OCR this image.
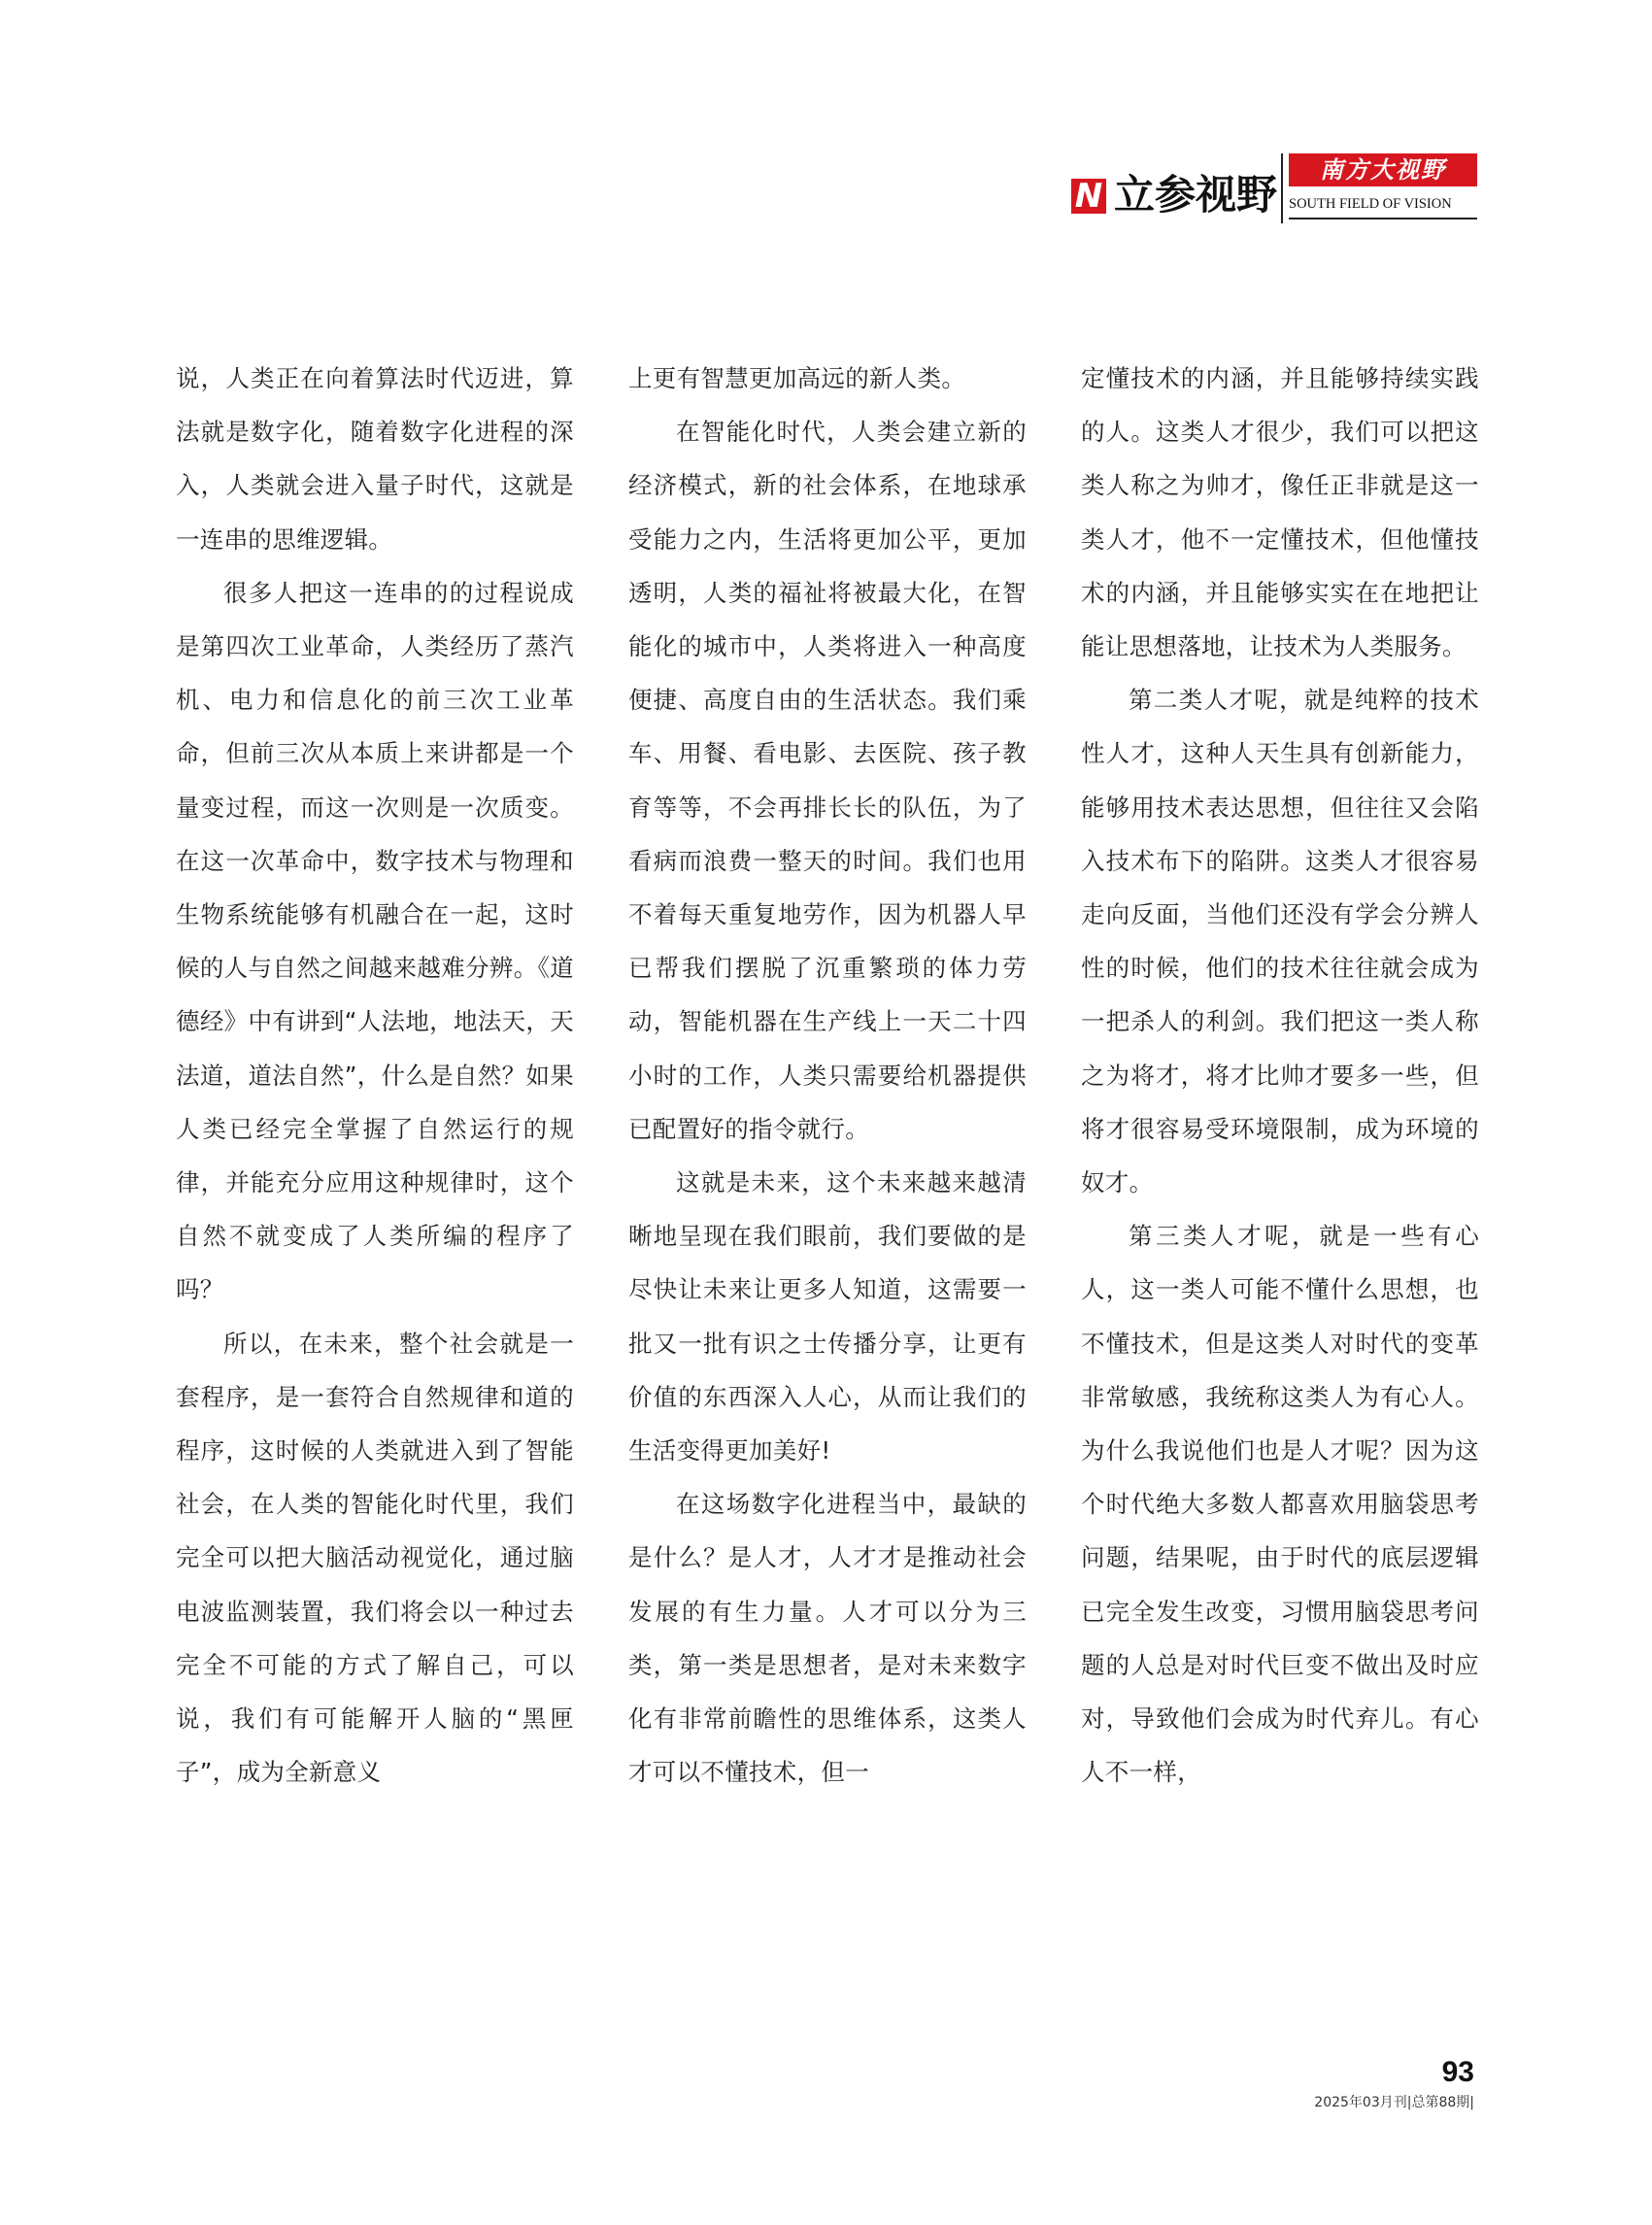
N 立参视野
南方大视野
SOUTH FIELD OF VISION

说，人类正在向着算法时代迈进，算法就是数字化，随着数字化进程的深入，人类就会进入量子时代，这就是一连串的思维逻辑。

很多人把这一连串的的过程说成是第四次工业革命，人类经历了蒸汽机、电力和信息化的前三次工业革命，但前三次从本质上来讲都是一个量变过程，而这一次则是一次质变。在这一次革命中，数字技术与物理和生物系统能够有机融合在一起，这时候的人与自然之间越来越难分辨。《道德经》中有讲到“人法地，地法天，天法道，道法自然”，什么是自然？如果人类已经完全掌握了自然运行的规律，并能充分应用这种规律时，这个自然不就变成了人类所编的程序了吗？

所以，在未来，整个社会就是一套程序，是一套符合自然规律和道的程序，这时候的人类就进入到了智能社会，在人类的智能化时代里，我们完全可以把大脑活动视觉化，通过脑电波监测装置，我们将会以一种过去完全不可能的方式了解自己，可以说，我们有可能解开人脑的“黑匣子”，成为全新意义

上更有智慧更加高远的新人类。

在智能化时代，人类会建立新的经济模式，新的社会体系，在地球承受能力之内，生活将更加公平，更加透明，人类的福祉将被最大化，在智能化的城市中，人类将进入一种高度便捷、高度自由的生活状态。我们乘车、用餐、看电影、去医院、孩子教育等等，不会再排长长的队伍，为了看病而浪费一整天的时间。我们也用不着每天重复地劳作，因为机器人早已帮我们摆脱了沉重繁琐的体力劳动，智能机器在生产线上一天二十四小时的工作，人类只需要给机器提供已配置好的指令就行。

这就是未来，这个未来越来越清晰地呈现在我们眼前，我们要做的是尽快让未来让更多人知道，这需要一批又一批有识之士传播分享，让更有价值的东西深入人心，从而让我们的生活变得更加美好!

在这场数字化进程当中，最缺的是什么？是人才，人才才是推动社会发展的有生力量。人才可以分为三类，第一类是思想者，是对未来数字化有非常前瞻性的思维体系，这类人才可以不懂技术，但一

定懂技术的内涵，并且能够持续实践的人。这类人才很少，我们可以把这类人称之为帅才，像任正非就是这一类人才，他不一定懂技术，但他懂技术的内涵，并且能够实实在在地把让能让思想落地，让技术为人类服务。

第二类人才呢，就是纯粹的技术性人才，这种人天生具有创新能力，能够用技术表达思想，但往往又会陷入技术布下的陷阱。这类人才很容易走向反面，当他们还没有学会分辨人性的时候，他们的技术往往就会成为一把杀人的利剑。我们把这一类人称之为将才，将才比帅才要多一些，但将才很容易受环境限制，成为环境的奴才。

第三类人才呢，就是一些有心人，这一类人可能不懂什么思想，也不懂技术，但是这类人对时代的变革非常敏感，我统称这类人为有心人。为什么我说他们也是人才呢？因为这个时代绝大多数人都喜欢用脑袋思考问题，结果呢，由于时代的底层逻辑已完全发生改变，习惯用脑袋思考问题的人总是对时代巨变不做出及时应对，导致他们会成为时代弃儿。有心人不一样，

93
2025年03月刊|总第88期|
